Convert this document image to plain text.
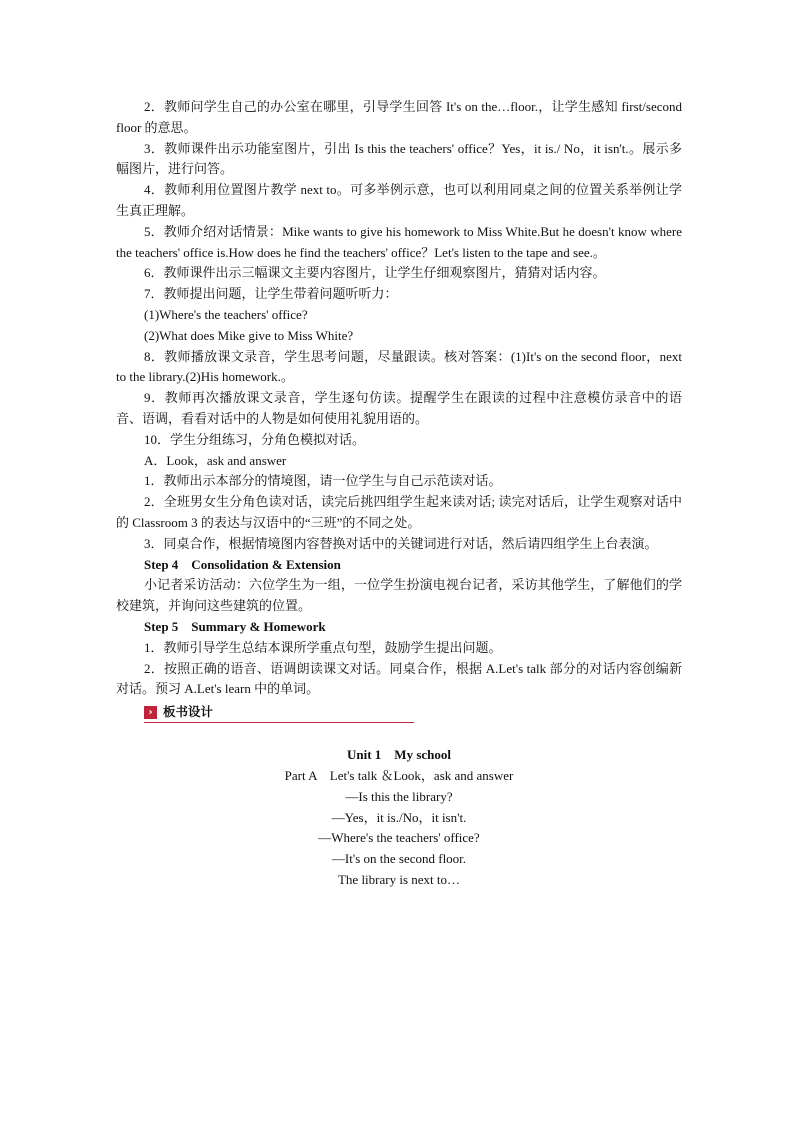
2．教师问学生自己的办公室在哪里，引导学生回答 It's on the…floor.，让学生感知 first/second floor 的意思。

3．教师课件出示功能室图片，引出 Is this the teachers' office？Yes，it is./ No，it isn't.。展示多幅图片，进行问答。

4．教师利用位置图片教学 next to。可多举例示意，也可以利用同桌之间的位置关系举例让学生真正理解。

5．教师介绍对话情景：Mike wants to give his homework to Miss White.But he doesn't know where the teachers' office is.How does he find the teachers' office？Let's listen to the tape and see.。

6．教师课件出示三幅课文主要内容图片，让学生仔细观察图片，猜猜对话内容。

7．教师提出问题，让学生带着问题听听力：

(1)Where's the teachers' office?

(2)What does Mike give to Miss White?

8．教师播放课文录音，学生思考问题，尽量跟读。核对答案：(1)It's on the second floor，next to the library.(2)His homework.。

9．教师再次播放课文录音，学生逐句仿读。提醒学生在跟读的过程中注意模仿录音中的语音、语调，看看对话中的人物是如何使用礼貌用语的。

10．学生分组练习，分角色模拟对话。

A．Look，ask and answer

1．教师出示本部分的情境图，请一位学生与自己示范读对话。

2．全班男女生分角色读对话，读完后挑四组学生起来读对话; 读完对话后，让学生观察对话中的 Classroom 3 的表达与汉语中的“三班”的不同之处。

3．同桌合作，根据情境图内容替换对话中的关键词进行对话，然后请四组学生上台表演。

Step 4　Consolidation & Extension

小记者采访活动：六位学生为一组，一位学生扮演电视台记者，采访其他学生，了解他们的学校建筑，并询问这些建筑的位置。

Step 5　Summary & Homework

1．教师引导学生总结本课所学重点句型，鼓励学生提出问题。

2．按照正确的语音、语调朗读课文对话。同桌合作，根据 A.Let's talk 部分的对话内容创编新对话。预习 A.Let's learn 中的单词。

› 板书设计
Unit 1　My school
Part A　Let's talk ＆Look，ask and answer
—Is this the library?
—Yes，it is./No，it isn't.
—Where's the teachers' office?
—It's on the second floor.
The library is next to…
